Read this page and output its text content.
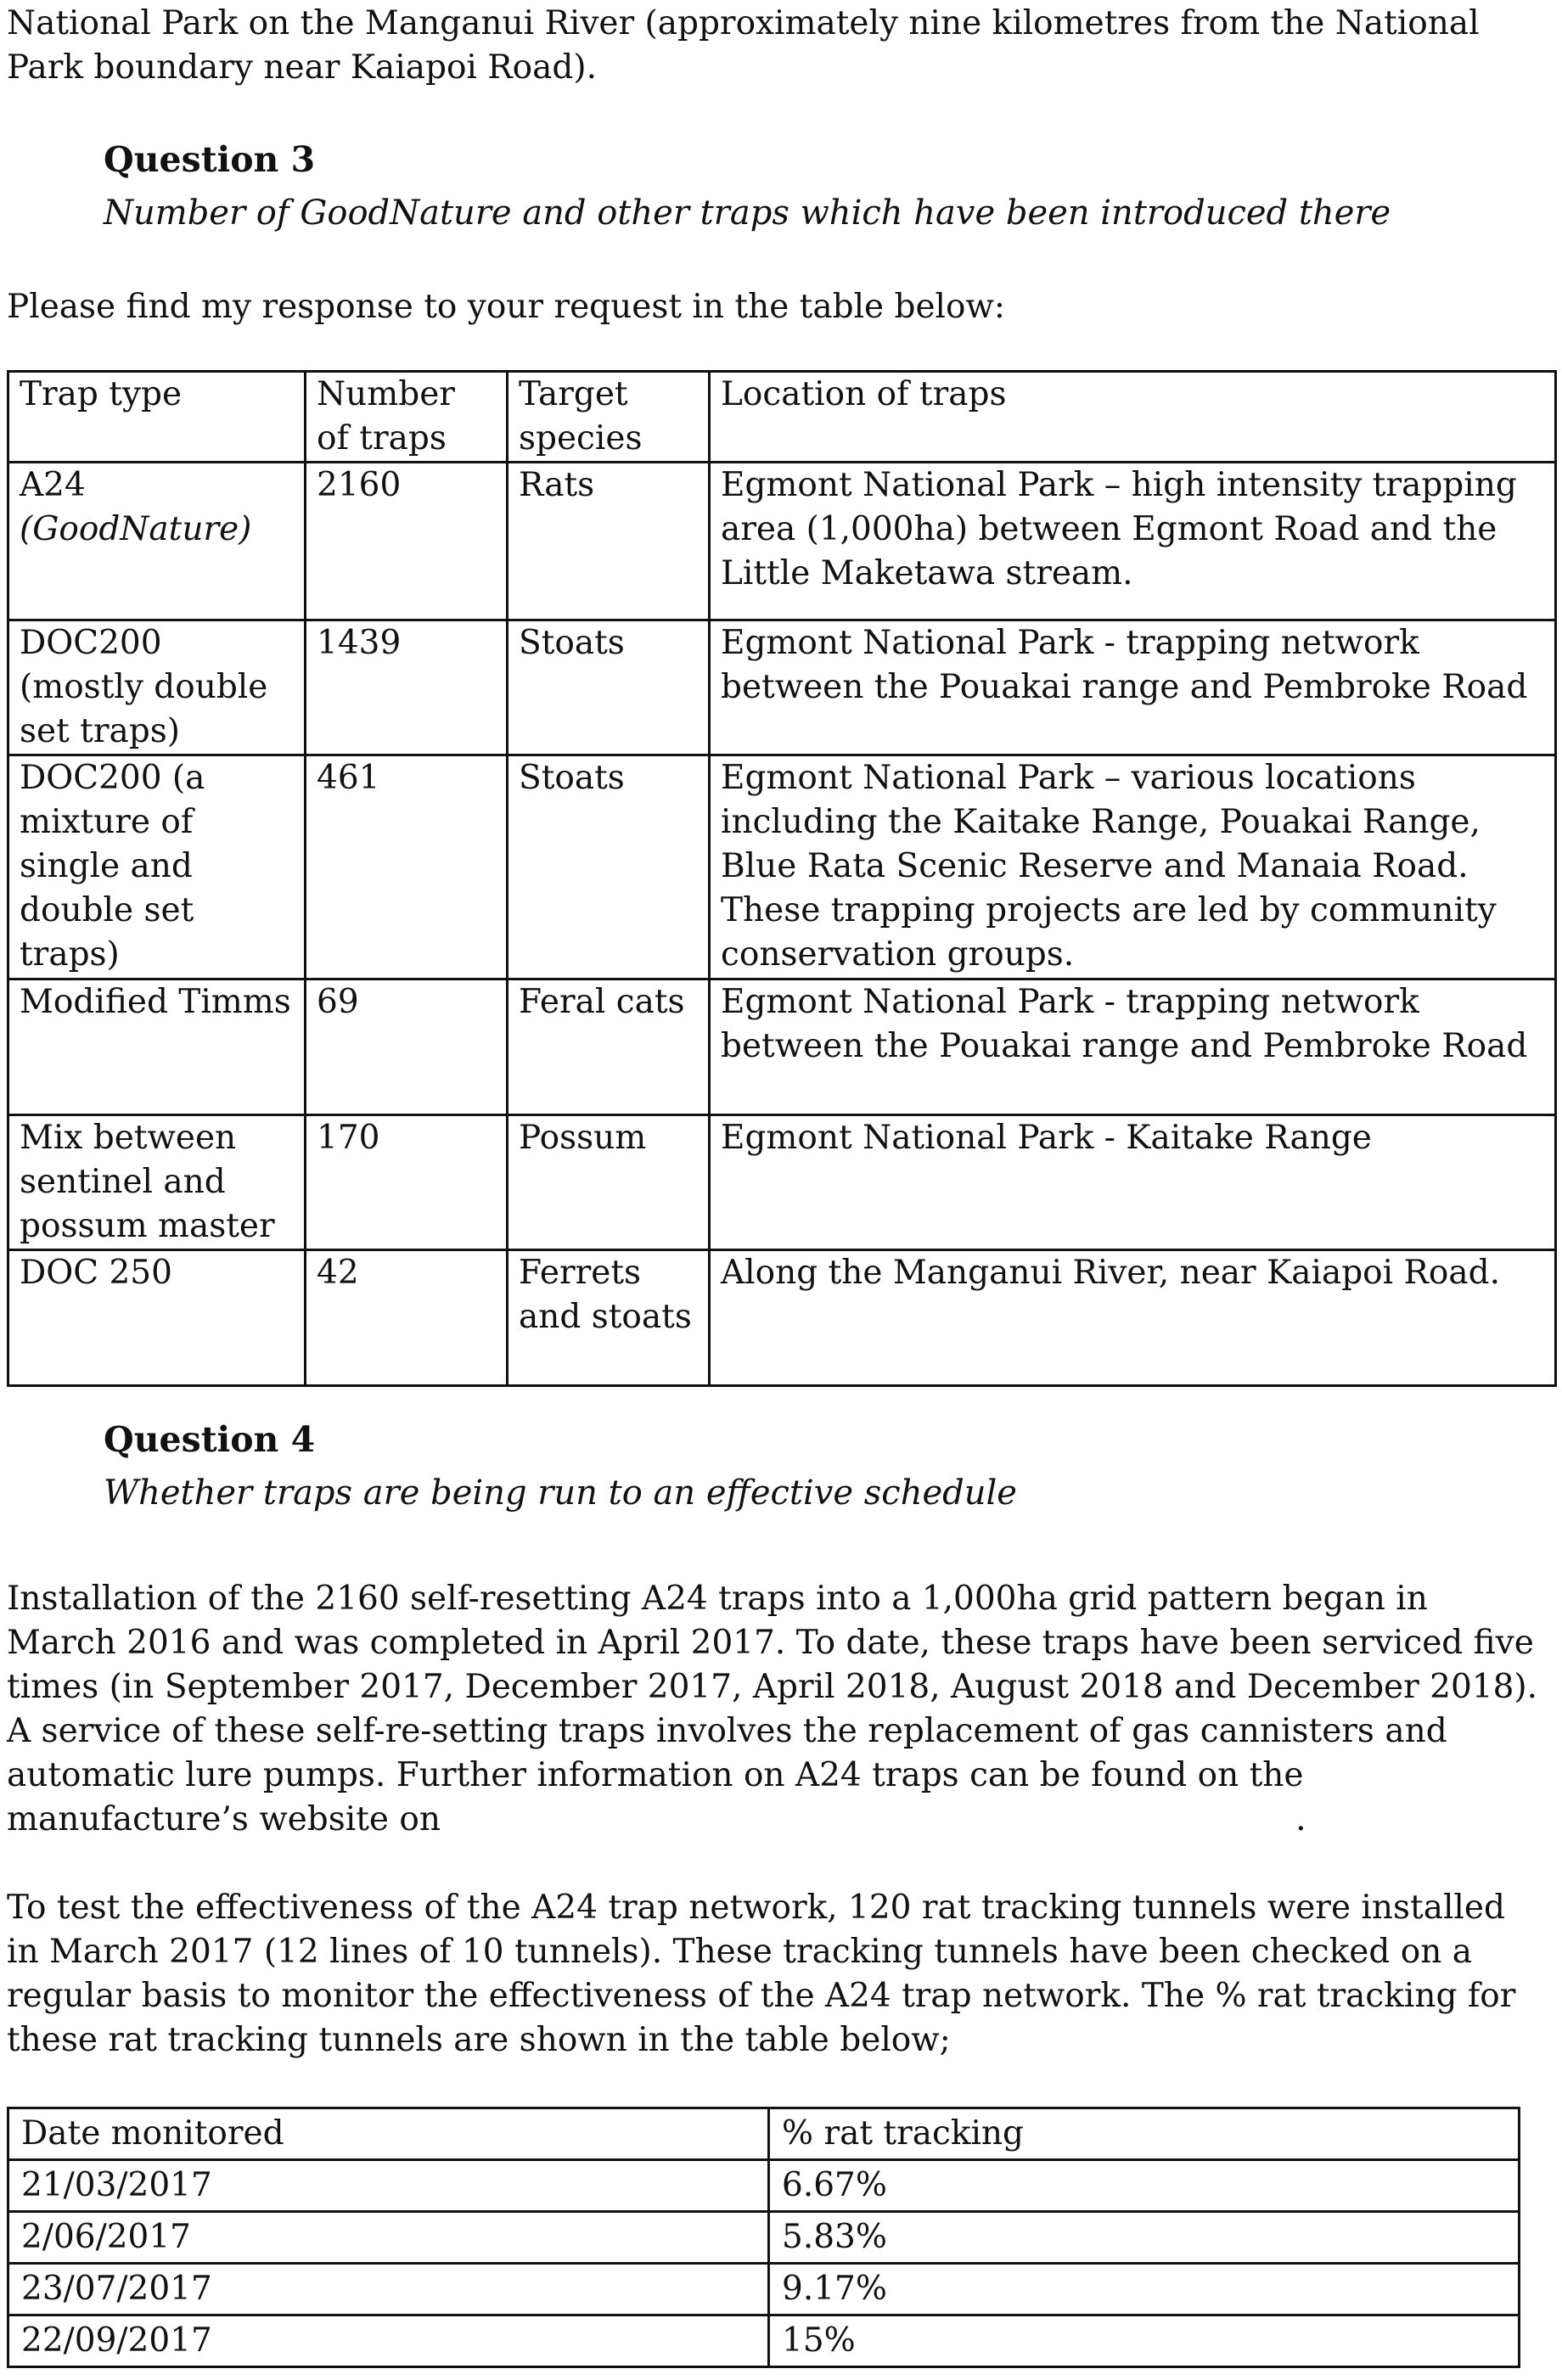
National Park on the Manganui River (approximately nine kilometres from the National

Park boundary near Kaiapoi Road).

Question 3

Number of GoodNature and other traps which have been introduced there

Please find my response to your request in the table below:

Trap type	Number of traps	Target species	Location of traps
A24
(GoodNature)	2160	Rats	Egmont National Park – high intensity trapping area (1,000ha) between Egmont Road and the Little Maketawa stream.
DOC200 (mostly double set traps)	1439	Stoats	Egmont National Park - trapping network between the Pouakai range and Pembroke Road
DOC200 (a mixture of single and double set traps)	461	Stoats	Egmont National Park – various locations including the Kaitake Range, Pouakai Range, Blue Rata Scenic Reserve and Manaia Road. These trapping projects are led by community conservation groups.
Modified Timms	69	Feral cats	Egmont National Park - trapping network between the Pouakai range and Pembroke Road
Mix between sentinel and possum master	170	Possum	Egmont National Park - Kaitake Range
DOC 250	42	Ferrets and stoats	Along the Manganui River, near Kaiapoi Road.

Question 4

Whether traps are being run to an effective schedule

Installation of the 2160 self-resetting A24 traps into a 1,000ha grid pattern began in March 2016 and was completed in April 2017. To date, these traps have been serviced five times (in September 2017, December 2017, April 2018, August 2018 and December 2018). A service of these self-re-setting traps involves the replacement of gas cannisters and automatic lure pumps. Further information on A24 traps can be found on the manufacture’s website on	.

To test the effectiveness of the A24 trap network, 120 rat tracking tunnels were installed in March 2017 (12 lines of 10 tunnels). These tracking tunnels have been checked on a regular basis to monitor the effectiveness of the A24 trap network. The % rat tracking for these rat tracking tunnels are shown in the table below;

Date monitored	% rat tracking
21/03/2017	6.67%
2/06/2017	5.83%
23/07/2017	9.17%
22/09/2017	15%
